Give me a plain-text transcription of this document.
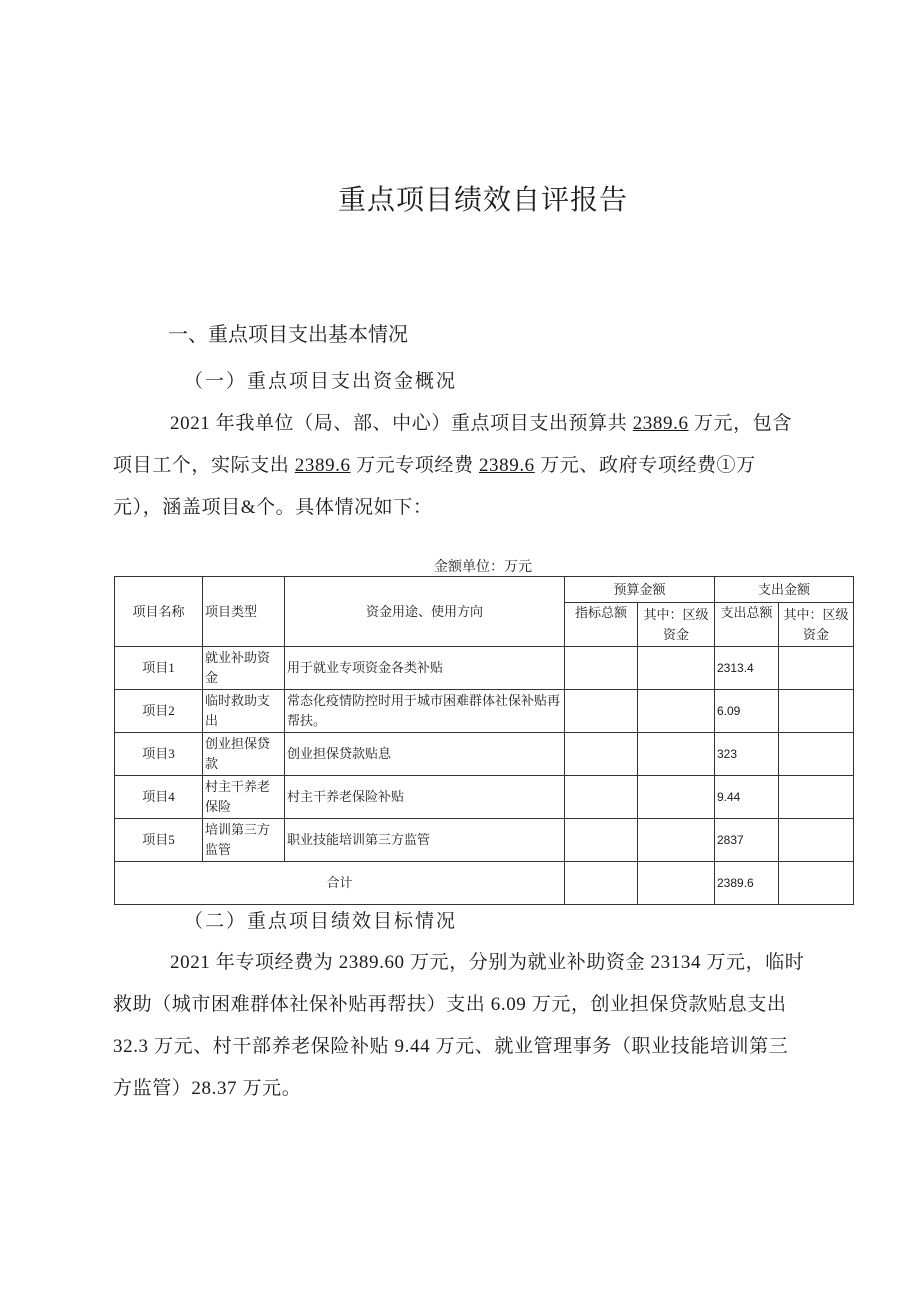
重点项目绩效自评报告
一、重点项目支出基本情况
（一）重点项目支出资金概况
2021 年我单位（局、部、中心）重点项目支出预算共 2389.6 万元，包含
项目工个，实际支出 2389.6 万元专项经费 2389.6 万元、政府专项经费①万
元），涵盖项目&个。具体情况如下：
金额单位：万元
项目名称	项目类型	资金用途、使用方向	预算金额		支出金额	
			指标总额	其中：区级资金	支出总额	其中：区级资金
项目1	就业补助资金	用于就业专项资金各类补贴			2313.4	
项目2	临时救助支出	常态化疫情防控时用于城市困难群体社保补贴再帮扶。			6.09	
项目3	创业担保贷款	创业担保贷款贴息			323	
项目4	村主干养老保险	村主干养老保险补贴			9.44	
项目5	培训第三方监管	职业技能培训第三方监管			2837	
合计					2389.6	
（二）重点项目绩效目标情况
2021 年专项经费为 2389.60 万元，分别为就业补助资金 23134 万元，临时
救助（城市困难群体社保补贴再帮扶）支出 6.09 万元，创业担保贷款贴息支出
32.3 万元、村干部养老保险补贴 9.44 万元、就业管理事务（职业技能培训第三
方监管）28.37 万元。
